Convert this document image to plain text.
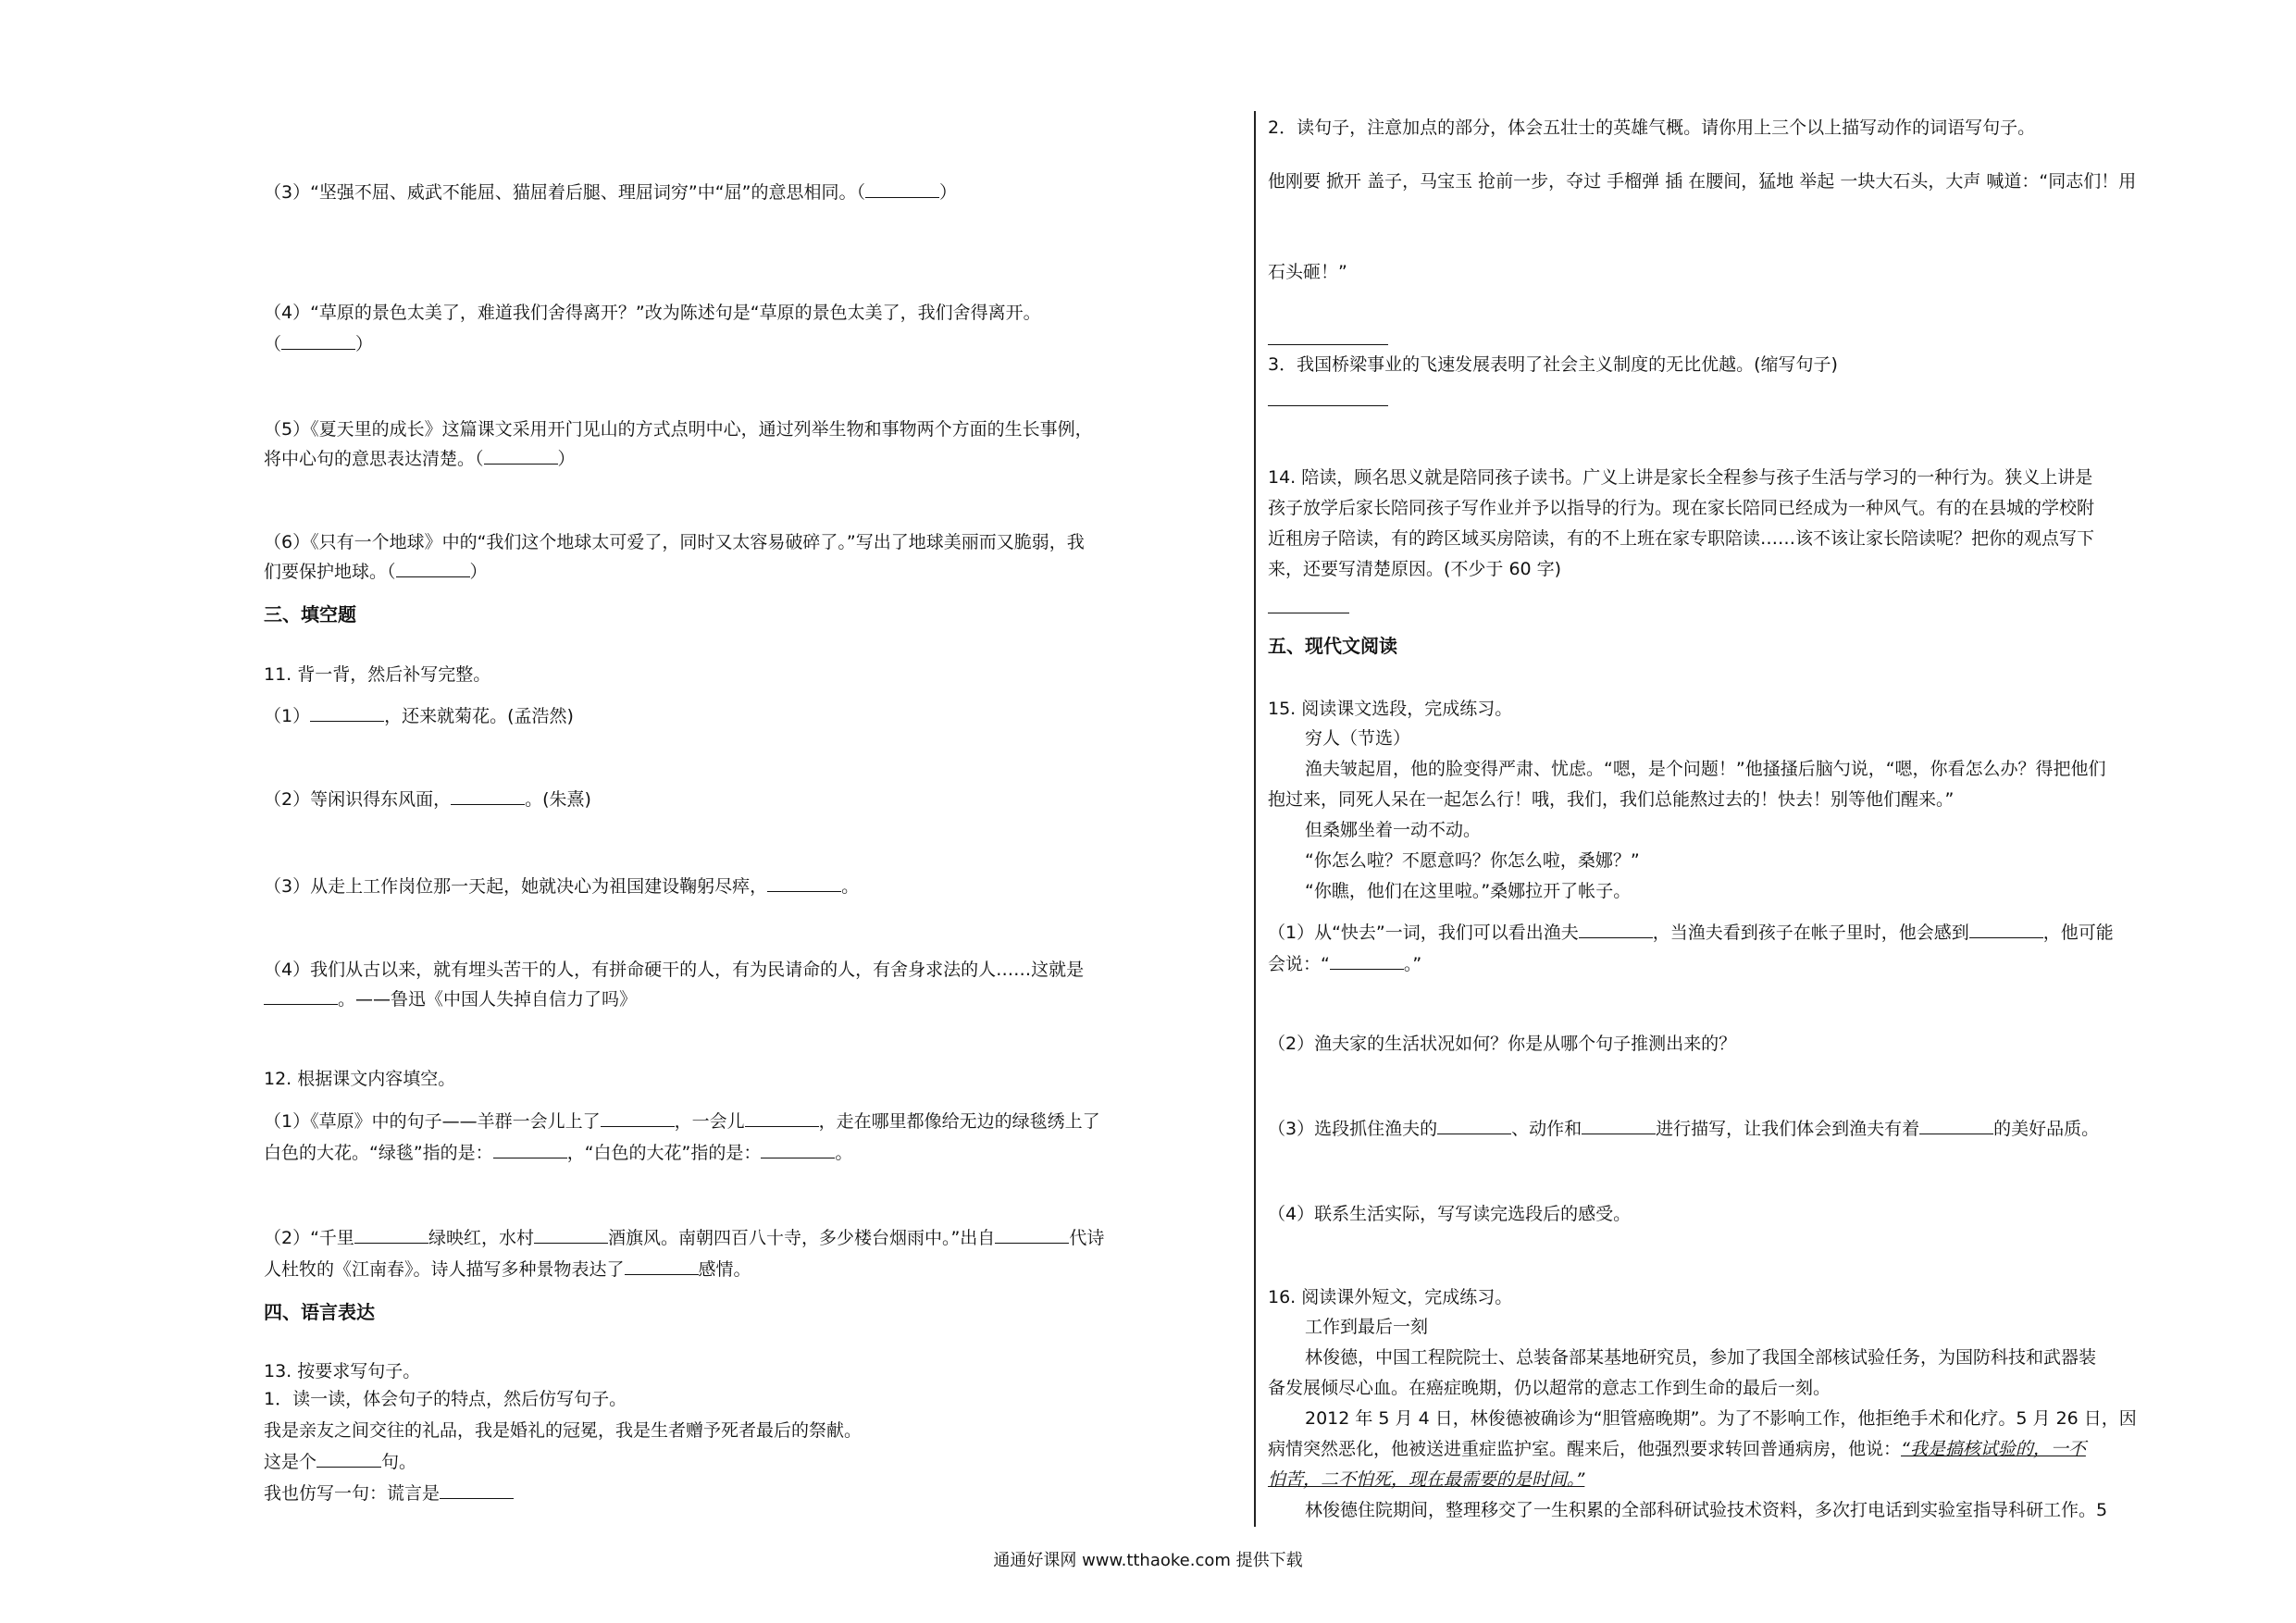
（3）“坚强不屈、威武不能屈、猫屈着后腿、理屈词穷”中“屈”的意思相同。（	）
（4）“草原的景色太美了，难道我们舍得离开？”改为陈述句是“草原的景色太美了，我们舍得离开。
（	）
（5）《夏天里的成长》这篇课文采用开门见山的方式点明中心，通过列举生物和事物两个方面的生长事例，
将中心句的意思表达清楚。（	）
（6）《只有一个地球》中的“我们这个地球太可爱了，同时又太容易破碎了。”写出了地球美丽而又脆弱，我
们要保护地球。（	）
三、填空题
11. 背一背，然后补写完整。
（1）	，还来就菊花。(孟浩然)
（2）等闲识得东风面，	。(朱熹)
（3）从走上工作岗位那一天起，她就决心为祖国建设鞠躬尽瘁，	。
（4）我们从古以来，就有埋头苦干的人，有拼命硬干的人，有为民请命的人，有舍身求法的人……这就是
。——鲁迅《中国人失掉自信力了吗》
12. 根据课文内容填空。
（1）《草原》中的句子——羊群一会儿上了	，一会儿	，走在哪里都像给无边的绿毯绣上了
白色的大花。“绿毯”指的是：	，“白色的大花”指的是：	。
（2）“千里	绿映红，水村	酒旗风。南朝四百八十寺，多少楼台烟雨中。”出自	代诗
人杜牧的《江南春》。诗人描写多种景物表达了	感情。
四、语言表达
13. 按要求写句子。
1．读一读，体会句子的特点，然后仿写句子。
我是亲友之间交往的礼品，我是婚礼的冠冕，我是生者赠予死者最后的祭献。
这是个	句。
我也仿写一句：谎言是
2．读句子，注意加点的部分，体会五壮士的英雄气概。请你用上三个以上描写动作的词语写句子。
他刚要 掀开 盖子，马宝玉 抢前一步，夺过 手榴弹 插 在腰间，猛地 举起 一块大石头，大声 喊道：“同志们！用
石头砸！”
3．我国桥梁事业的飞速发展表明了社会主义制度的无比优越。(缩写句子)
14. 陪读，顾名思义就是陪同孩子读书。广义上讲是家长全程参与孩子生活与学习的一种行为。狭义上讲是
孩子放学后家长陪同孩子写作业并予以指导的行为。现在家长陪同已经成为一种风气。有的在县城的学校附
近租房子陪读，有的跨区域买房陪读，有的不上班在家专职陪读……该不该让家长陪读呢？把你的观点写下
来，还要写清楚原因。(不少于 60 字)
五、现代文阅读
15. 阅读课文选段，完成练习。
穷人（节选）
渔夫皱起眉，他的脸变得严肃、忧虑。“嗯，是个问题！”他搔搔后脑勺说，“嗯，你看怎么办？得把他们
抱过来，同死人呆在一起怎么行！哦，我们，我们总能熬过去的！快去！别等他们醒来。”
但桑娜坐着一动不动。
“你怎么啦？不愿意吗？你怎么啦，桑娜？”
“你瞧，他们在这里啦。”桑娜拉开了帐子。
（1）从“快去”一词，我们可以看出渔夫	，当渔夫看到孩子在帐子里时，他会感到	，他可能
会说：“	。”
（2）渔夫家的生活状况如何？你是从哪个句子推测出来的？
（3）选段抓住渔夫的	、动作和	进行描写，让我们体会到渔夫有着	的美好品质。
（4）联系生活实际，写写读完选段后的感受。
16. 阅读课外短文，完成练习。
工作到最后一刻
林俊德，中国工程院院士、总装备部某基地研究员，参加了我国全部核试验任务，为国防科技和武器装
备发展倾尽心血。在癌症晚期，仍以超常的意志工作到生命的最后一刻。
2012 年 5 月 4 日，林俊德被确诊为“胆管癌晚期”。为了不影响工作，他拒绝手术和化疗。5 月 26 日，因
病情突然恶化，他被送进重症监护室。醒来后，他强烈要求转回普通病房，他说：“我是搞核试验的，一不
怕苦，二不怕死，现在最需要的是时间。”
林俊德住院期间，整理移交了一生积累的全部科研试验技术资料，多次打电话到实验室指导科研工作。5
通通好课网 www.tthaoke.com 提供下载
